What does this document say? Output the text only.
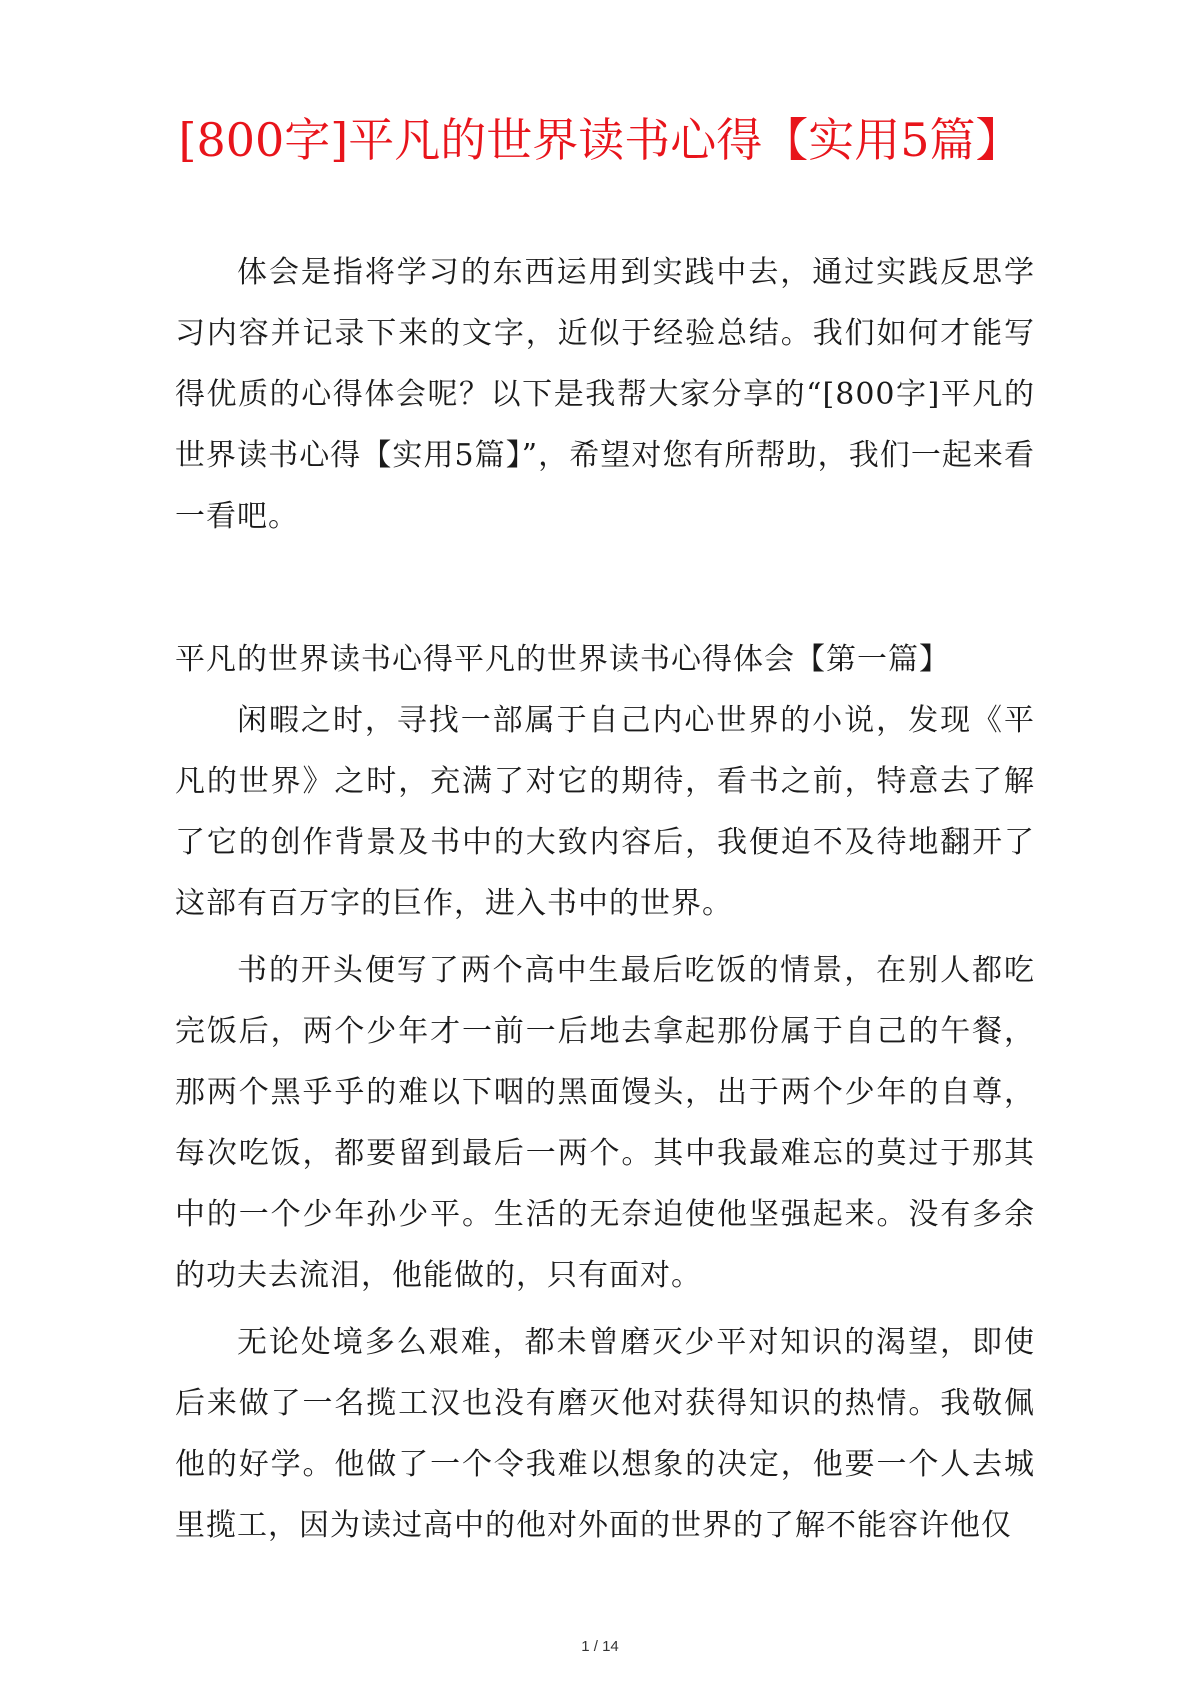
[800字]平凡的世界读书心得【实用5篇】

体会是指将学习的东西运用到实践中去，通过实践反思学习内容并记录下来的文字，近似于经验总结。我们如何才能写得优质的心得体会呢？以下是我帮大家分享的“[800字]平凡的世界读书心得【实用5篇】”，希望对您有所帮助，我们一起来看一看吧。

平凡的世界读书心得平凡的世界读书心得体会【第一篇】

闲暇之时，寻找一部属于自己内心世界的小说，发现《平凡的世界》之时，充满了对它的期待，看书之前，特意去了解了它的创作背景及书中的大致内容后，我便迫不及待地翻开了这部有百万字的巨作，进入书中的世界。

书的开头便写了两个高中生最后吃饭的情景，在别人都吃完饭后，两个少年才一前一后地去拿起那份属于自己的午餐，那两个黑乎乎的难以下咽的黑面馒头，出于两个少年的自尊，每次吃饭，都要留到最后一两个。其中我最难忘的莫过于那其中的一个少年孙少平。生活的无奈迫使他坚强起来。没有多余的功夫去流泪，他能做的，只有面对。

无论处境多么艰难，都未曾磨灭少平对知识的渴望，即使后来做了一名揽工汉也没有磨灭他对获得知识的热情。我敬佩他的好学。他做了一个令我难以想象的决定，他要一个人去城里揽工，因为读过高中的他对外面的世界的了解不能容许他仅

1 / 14
